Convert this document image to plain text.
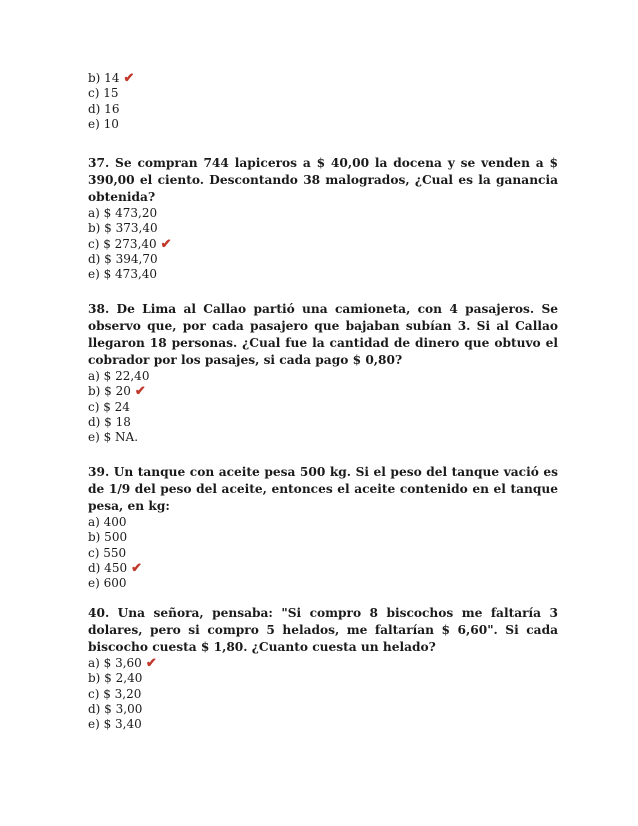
b) 14 ✔
c) 15
d) 16
e) 10
37. Se compran 744 lapiceros a $ 40,00 la docena y se venden a $ 390,00 el ciento. Descontando 38 malogrados, ¿Cual es la ganancia obtenida?
a) $ 473,20
b) $ 373,40
c) $ 273,40 ✔
d) $ 394,70
e) $ 473,40
38. De Lima al Callao partió una camioneta, con 4 pasajeros. Se observo que, por cada pasajero que bajaban subían 3. Si al Callao llegaron 18 personas. ¿Cual fue la cantidad de dinero que obtuvo el cobrador por los pasajes, si cada pago $ 0,80?
a) $ 22,40
b) $ 20 ✔
c) $ 24
d) $ 18
e) $ NA.
39. Un tanque con aceite pesa 500 kg. Si el peso del tanque vació es de 1/9 del peso del aceite, entonces el aceite contenido en el tanque pesa, en kg:
a) 400
b) 500
c) 550
d) 450 ✔
e) 600
40. Una señora, pensaba: "Si compro 8 biscochos me faltaría 3 dolares, pero si compro 5 helados, me faltarían $ 6,60". Si cada biscocho cuesta $ 1,80. ¿Cuanto cuesta un helado?
a) $ 3,60 ✔
b) $ 2,40
c) $ 3,20
d) $ 3,00
e) $ 3,40
